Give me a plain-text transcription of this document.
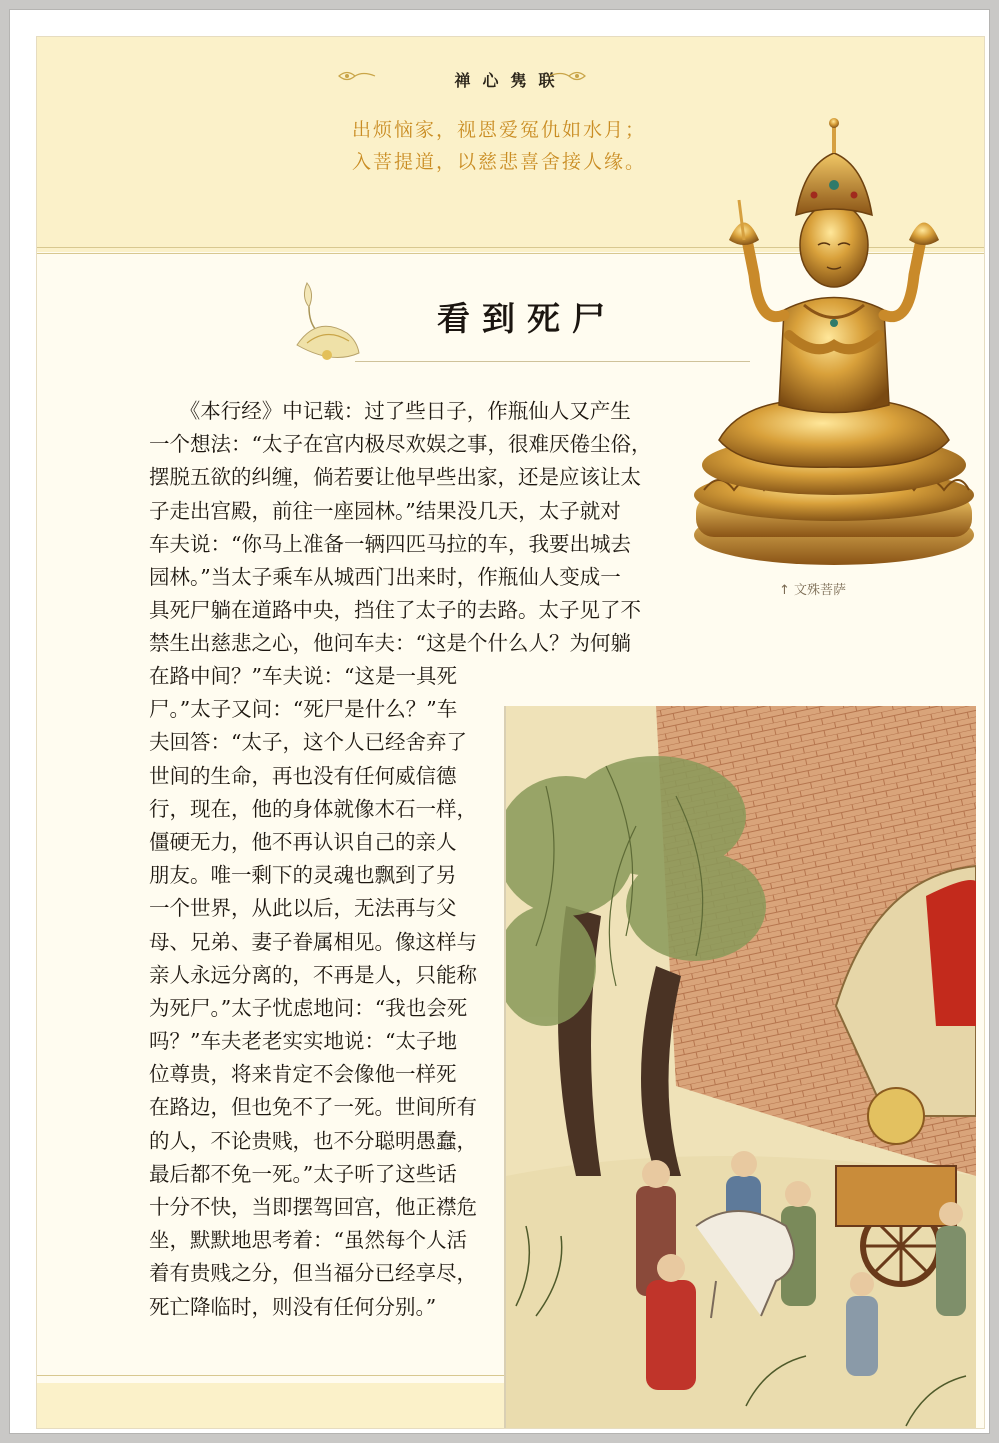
禅心隽联
出烦恼家，视恩爱冤仇如水月；
入菩提道，以慈悲喜舍接人缘。
↑ 文殊菩萨
看到死尸
　　《本行经》中记载：过了些日子，作瓶仙人又产生
一个想法：“太子在宫内极尽欢娱之事，很难厌倦尘俗，
摆脱五欲的纠缠，倘若要让他早些出家，还是应该让太
子走出宫殿，前往一座园林。”结果没几天，太子就对
车夫说：“你马上准备一辆四匹马拉的车，我要出城去
园林。”当太子乘车从城西门出来时，作瓶仙人变成一
具死尸躺在道路中央，挡住了太子的去路。太子见了不
禁生出慈悲之心，他问车夫：“这是个什么人？为何躺
在路中间？”车夫说：“这是一具死
尸。”太子又问：“死尸是什么？”车
夫回答：“太子，这个人已经舍弃了
世间的生命，再也没有任何威信德
行，现在，他的身体就像木石一样，
僵硬无力，他不再认识自己的亲人
朋友。唯一剩下的灵魂也飘到了另
一个世界，从此以后，无法再与父
母、兄弟、妻子眷属相见。像这样与
亲人永远分离的，不再是人，只能称
为死尸。”太子忧虑地问：“我也会死
吗？”车夫老老实实地说：“太子地
位尊贵，将来肯定不会像他一样死
在路边，但也免不了一死。世间所有
的人，不论贵贱，也不分聪明愚蠢，
最后都不免一死。”太子听了这些话
十分不快，当即摆驾回宫，他正襟危
坐，默默地思考着：“虽然每个人活
着有贵贱之分，但当福分已经享尽，
死亡降临时，则没有任何分别。”
